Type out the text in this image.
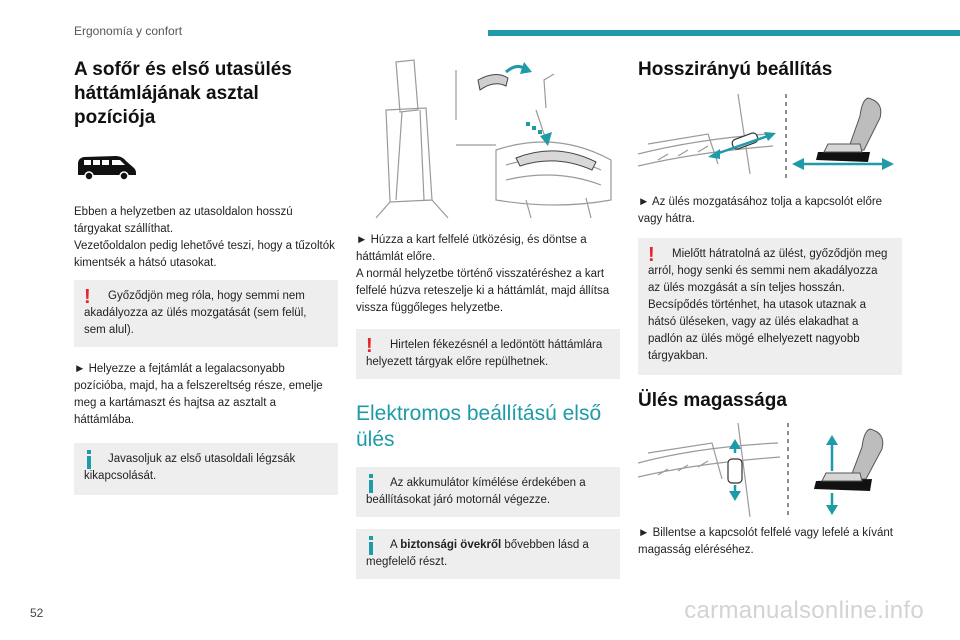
Ergonomía y confort
A sofőr és első utasülés háttámlájának asztal pozíciója

Ebben a helyzetben az utasoldalon hosszú tárgyakat szállíthat.

Vezetőoldalon pedig lehetővé teszi, hogy a tűzoltók kimentsék a hátsó utasokat.

!	Győződjön meg róla, hogy semmi nem akadályozza az ülés mozgatását (sem felül, sem alul).

► Helyezze a fejtámlát a legalacsonyabb pozícióba, majd, ha a felszereltség része, emelje meg a kartámaszt és hajtsa az asztalt a háttámlába.

Javasoljuk az első utasoldali légzsák kikapcsolását.

► Húzza a kart felfelé ütközésig, és döntse a háttámlát előre.

A normál helyzetbe történő visszatéréshez a kart felfelé húzva reteszelje ki a háttámlát, majd állítsa vissza függőleges helyzetbe.

!	Hirtelen fékezésnél a ledöntött háttámlára helyezett tárgyak előre repülhetnek.
Elektromos beállítású első ülés
Az akkumulátor kímélése érdekében a beállításokat járó motornál végezze.
A biztonsági övekről bővebben lásd a megfelelő részt.
Hosszirányú beállítás

► Az ülés mozgatásához tolja a kapcsolót előre vagy hátra.

!	Mielőtt hátratolná az ülést, győződjön meg arról, hogy senki és semmi nem akadályozza az ülés mozgását a sín teljes hosszán.
Becsípődés történhet, ha utasok utaznak a hátsó üléseken, vagy az ülés elakadhat a padlón az ülés mögé elhelyezett nagyobb tárgyakban.
Ülés magassága

► Billentse a kapcsolót felfelé vagy lefelé a kívánt magasság eléréséhez.

52	carmanualsonline.info
